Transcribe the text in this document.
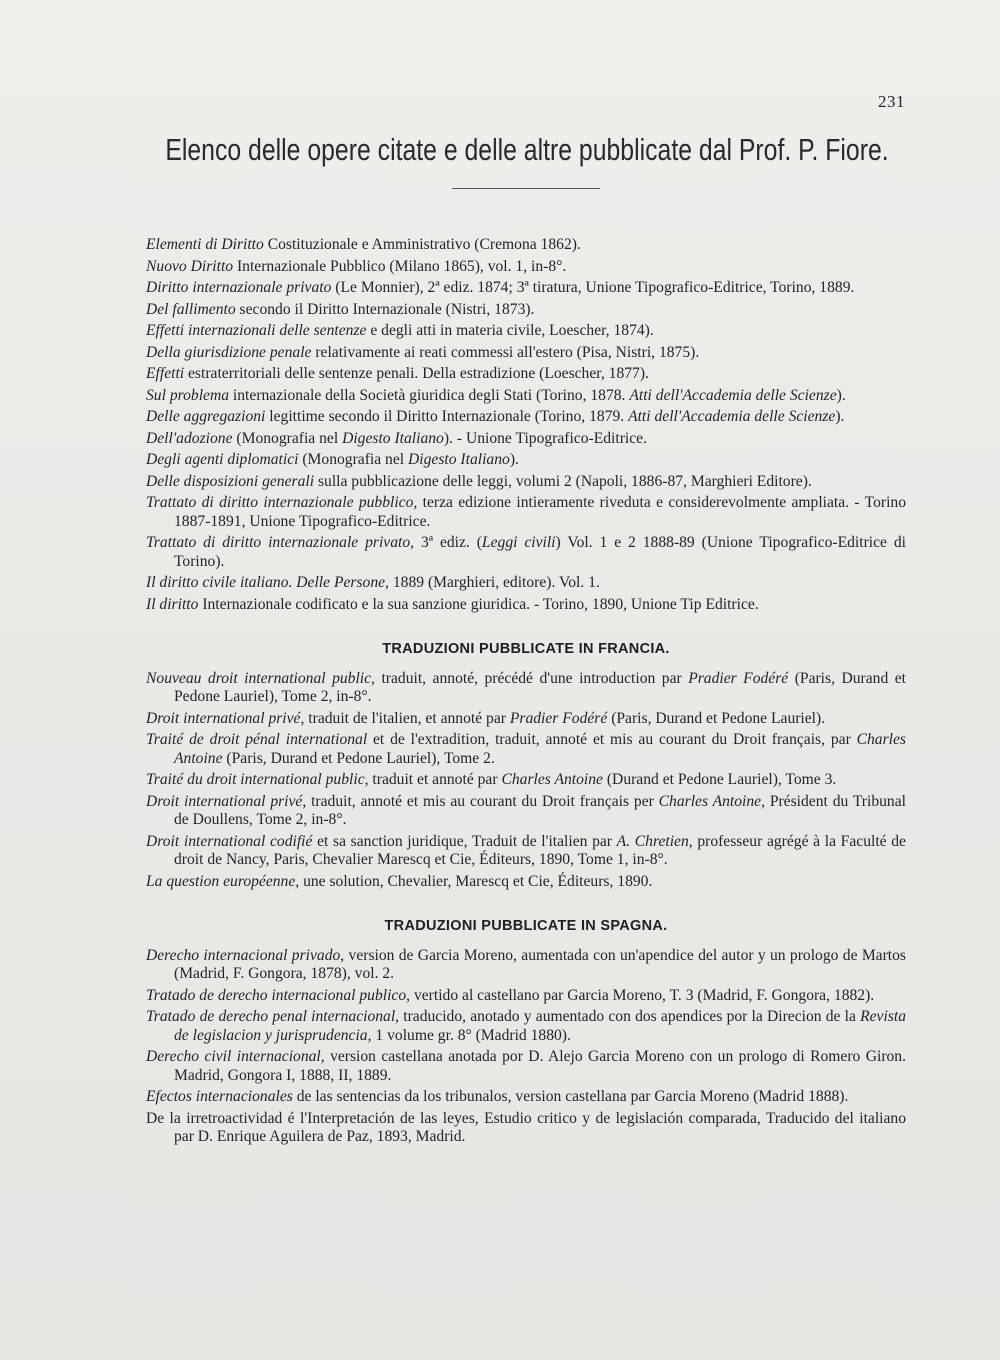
231
Elenco delle opere citate e delle altre pubblicate dal Prof. P. Fiore.
Elementi di Diritto Costituzionale e Amministrativo (Cremona 1862).
Nuovo Diritto Internazionale Pubblico (Milano 1865), vol. 1, in-8°.
Diritto internazionale privato (Le Monnier), 2ª ediz. 1874; 3ª tiratura, Unione Tipografico-Editrice, Torino, 1889.
Del fallimento secondo il Diritto Internazionale (Nistri, 1873).
Effetti internazionali delle sentenze e degli atti in materia civile, Loescher, 1874).
Della giurisdizione penale relativamente ai reati commessi all'estero (Pisa, Nistri, 1875).
Effetti estraterritoriali delle sentenze penali. Della estradizione (Loescher, 1877).
Sul problema internazionale della Società giuridica degli Stati (Torino, 1878. Atti dell'Accademia delle Scienze).
Delle aggregazioni legittime secondo il Diritto Internazionale (Torino, 1879. Atti dell'Accademia delle Scienze).
Dell'adozione (Monografia nel Digesto Italiano). - Unione Tipografico-Editrice.
Degli agenti diplomatici (Monografia nel Digesto Italiano).
Delle disposizioni generali sulla pubblicazione delle leggi, volumi 2 (Napoli, 1886-87, Marghieri Editore).
Trattato di diritto internazionale pubblico, terza edizione intieramente riveduta e considerevolmente ampliata. - Torino 1887-1891, Unione Tipografico-Editrice.
Trattato di diritto internazionale privato, 3ª ediz. (Leggi civili) Vol. 1 e 2 1888-89 (Unione Tipografico-Editrice di Torino).
Il diritto civile italiano. Delle Persone, 1889 (Marghieri, editore). Vol. 1.
Il diritto Internazionale codificato e la sua sanzione giuridica. - Torino, 1890, Unione Tip Editrice.
TRADUZIONI PUBBLICATE IN FRANCIA.
Nouveau droit international public, traduit, annoté, précédé d'une introduction par Pradier Fodéré (Paris, Durand et Pedone Lauriel), Tome 2, in-8°.
Droit international privé, traduit de l'italien, et annoté par Pradier Fodéré (Paris, Durand et Pedone Lauriel).
Traité de droit pénal international et de l'extradition, traduit, annoté et mis au courant du Droit français, par Charles Antoine (Paris, Durand et Pedone Lauriel), Tome 2.
Traité du droit international public, traduit et annoté par Charles Antoine (Durand et Pedone Lauriel), Tome 3.
Droit international privé, traduit, annoté et mis au courant du Droit français per Charles Antoine, Président du Tribunal de Doullens, Tome 2, in-8°.
Droit international codifié et sa sanction juridique, Traduit de l'italien par A. Chretien, professeur agrégé à la Faculté de droit de Nancy, Paris, Chevalier Marescq et Cie, Éditeurs, 1890, Tome 1, in-8°.
La question européenne, une solution, Chevalier, Marescq et Cie, Éditeurs, 1890.
TRADUZIONI PUBBLICATE IN SPAGNA.
Derecho internacional privado, version de Garcia Moreno, aumentada con un'apendice del autor y un prologo de Martos (Madrid, F. Gongora, 1878), vol. 2.
Tratado de derecho internacional publico, vertido al castellano par Garcia Moreno, T. 3 (Madrid, F. Gongora, 1882).
Tratado de derecho penal internacional, traducido, anotado y aumentado con dos apendices por la Direcion de la Revista de legislacion y jurisprudencia, 1 volume gr. 8° (Madrid 1880).
Derecho civil internacional, version castellana anotada por D. Alejo Garcia Moreno con un prologo di Romero Giron. Madrid, Gongora I, 1888, II, 1889.
Efectos internacionales de las sentencias da los tribunalos, version castellana par Garcia Moreno (Madrid 1888).
De la irretroactividad é l'Interpretación de las leyes, Estudio critico y de legislación comparada, Traducido del italiano par D. Enrique Aguilera de Paz, 1893, Madrid.
